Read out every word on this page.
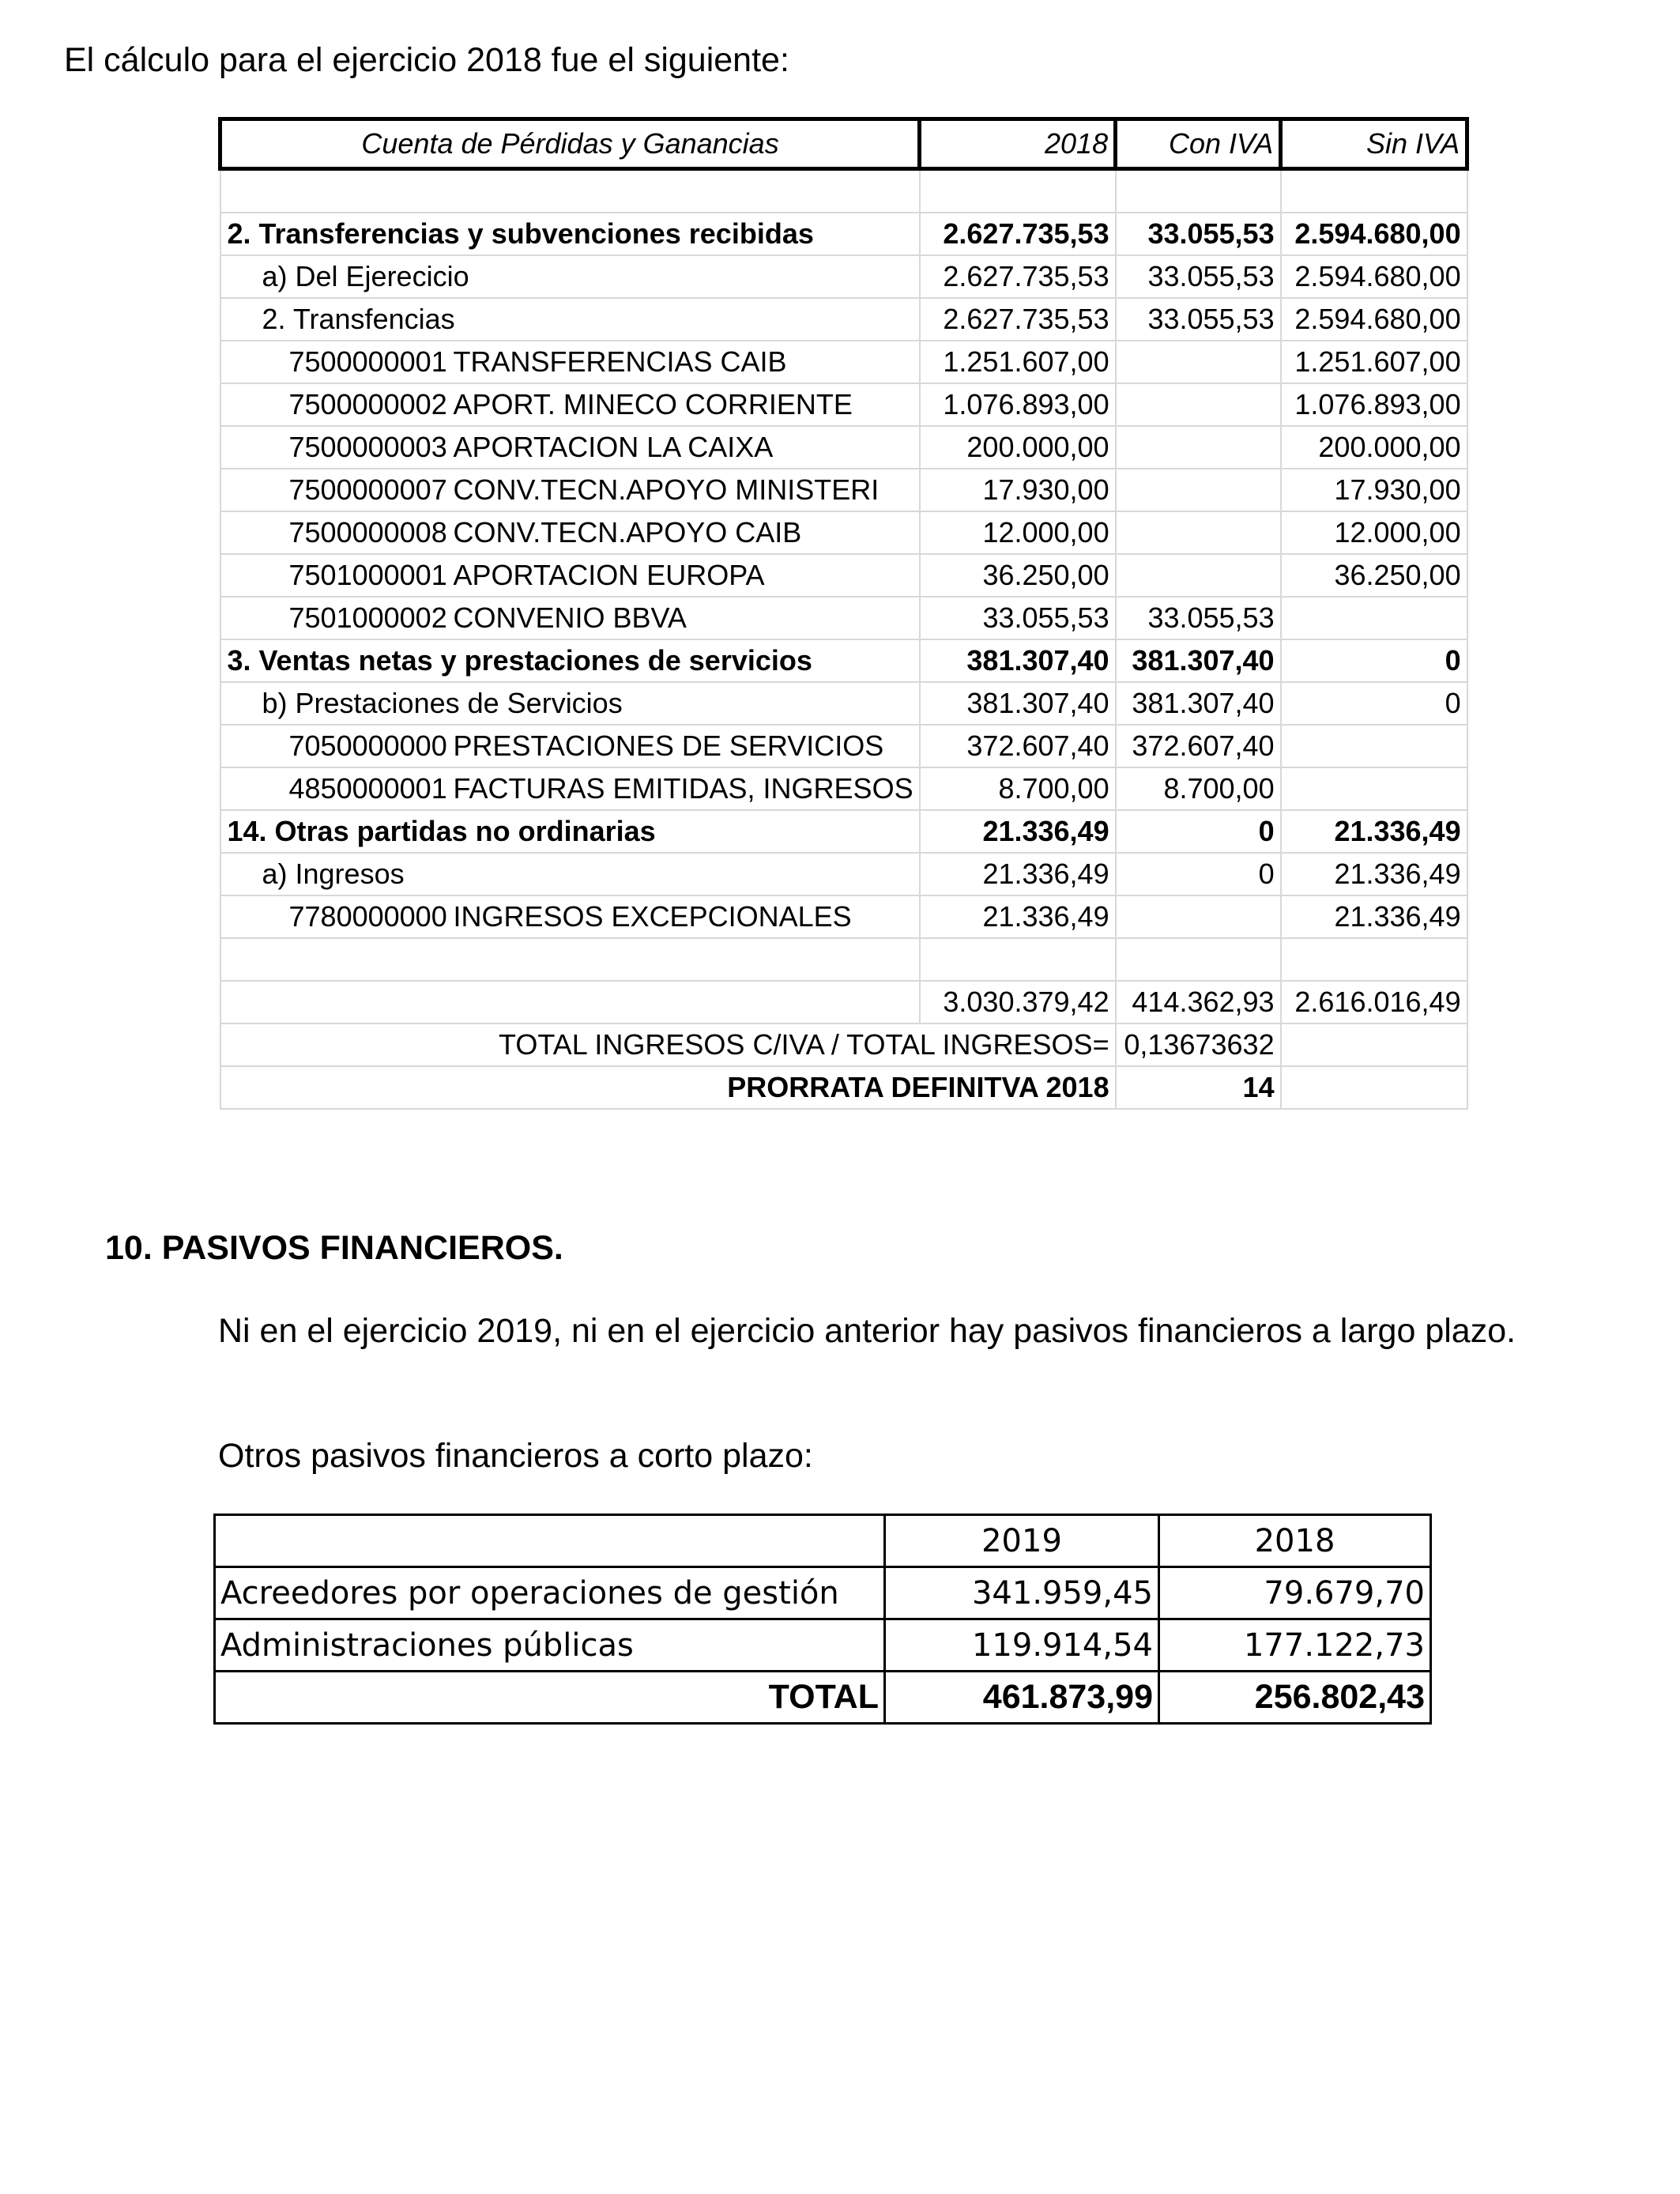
El cálculo para el ejercicio 2018 fue el siguiente:

Cuenta de Pérdidas y Ganancias	2018	Con IVA	Sin IVA

2. Transferencias y subvenciones recibidas	2.627.735,53	33.055,53	2.594.680,00
a) Del Ejerecicio	2.627.735,53	33.055,53	2.594.680,00
2. Transfencias	2.627.735,53	33.055,53	2.594.680,00
7500000001 TRANSFERENCIAS CAIB	1.251.607,00		1.251.607,00
7500000002 APORT. MINECO CORRIENTE	1.076.893,00		1.076.893,00
7500000003 APORTACION LA CAIXA	200.000,00		200.000,00
7500000007 CONV.TECN.APOYO MINISTERI	17.930,00		17.930,00
7500000008 CONV.TECN.APOYO CAIB	12.000,00		12.000,00
7501000001 APORTACION EUROPA	36.250,00		36.250,00
7501000002 CONVENIO BBVA	33.055,53	33.055,53	
3. Ventas netas y prestaciones de servicios	381.307,40	381.307,40	0
b) Prestaciones de Servicios	381.307,40	381.307,40	0
7050000000 PRESTACIONES DE SERVICIOS	372.607,40	372.607,40	
4850000001 FACTURAS EMITIDAS, INGRESOS	8.700,00	8.700,00	
14. Otras partidas no ordinarias	21.336,49	0	21.336,49
a) Ingresos	21.336,49	0	21.336,49
7780000000 INGRESOS EXCEPCIONALES	21.336,49		21.336,49

	3.030.379,42	414.362,93	2.616.016,49
TOTAL INGRESOS C/IVA / TOTAL INGRESOS=		0,13673632	
PRORRATA DEFINITVA 2018		14	

10. PASIVOS FINANCIEROS.

Ni en el ejercicio 2019, ni en el ejercicio anterior hay pasivos financieros a largo plazo.

Otros pasivos financieros a corto plazo:

	2019	2018
Acreedores por operaciones de gestión	341.959,45	79.679,70
Administraciones públicas	119.914,54	177.122,73
TOTAL	461.873,99	256.802,43
